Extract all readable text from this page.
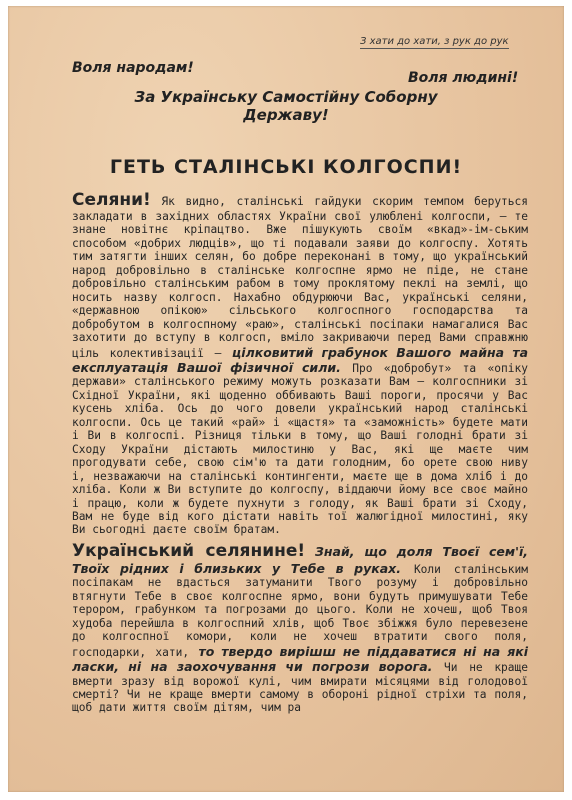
З хати до хати, з рук до рук
Воля народам!
Воля людині!
За Українську Самостійну Соборну Державу!
ГЕТЬ СТАЛІНСЬКІ КОЛГОСПИ!

Селяни! Як видно, сталінські гайдуки скорим темпом беруться закладати в західних областях України свої улюблені колгоспи, — те знане новітнє кріпацтво. Вже пішукують своїм «вкад»-ім-ським способом «добрих людців», що ті подавали заяви до колгоспу. Хотять тим затягти інших селян, бо добре переконані в тому, що український народ добровільно в сталінське колгоспне ярмо не піде, не стане добровільно сталінським рабом в тому проклятому пеклі на землі, що носить назву колгосп. Нахабно обдурюючи Вас, українські селяни, «державною опікою» сільського колгоспного господарства та добробутом в колгоспному «раю», сталінські посіпаки намагалися Вас захотити до вступу в колгосп, вміло закриваючи перед Вами справжню ціль колективізації — цілковитий грабунок Вашого майна та експлуатація Вашої фізичної сили. Про «добробут» та «опіку держави» сталінського режиму можуть розказати Вам — колгоспники зі Східної України, які щоденно оббивають Ваші пороги, просячи у Вас кусень хліба. Ось до чого довели український народ сталінські колгоспи. Ось це такий «рай» і «щастя» та «заможність» будете мати і Ви в колгоспі. Різниця тільки в тому, що Ваші голодні брати зі Сходу України дістають милостиню у Вас, які ще маєте чим прогодувати себе, свою сім'ю та дати голодним, бо орете свою ниву і, незважаючи на сталінські контингенти, маєте ще в дома хліб і до хліба. Коли ж Ви вступите до колгоспу, віддаючи йому все своє майно і працю, коли ж будете пухнути з голоду, як Ваші брати зі Сходу, Вам не буде від кого дістати навіть тої жалюгідної милостині, яку Ви сьогодні даєте своїм братам.

Український селянине! Знай, що доля Твоєї сем'ї, Твоїх рідних і близьких у Тебе в руках. Коли сталінським посіпакам не вдасться затуманити Твого розуму і добровільно втягнути Тебе в своє колгоспне ярмо, вони будуть примушувати Тебе терором, грабунком та погрозами до цього. Коли не хочеш, щоб Твоя худоба перейшла в колгоспний хлів, щоб Твоє збіжжя було перевезене до колгоспної комори, коли не хочеш втратити свого поля, господарки, хати, то твердо вирішш не піддаватися ні на які ласки, ні на заохочування чи погрози ворога. Чи не краще вмерти зразу від ворожої кулі, чим вмирати місяцями від голодової смерті? Чи не краще вмерти самому в обороні рідної стріхи та поля, щоб дати життя своїм дітям, чим ра
